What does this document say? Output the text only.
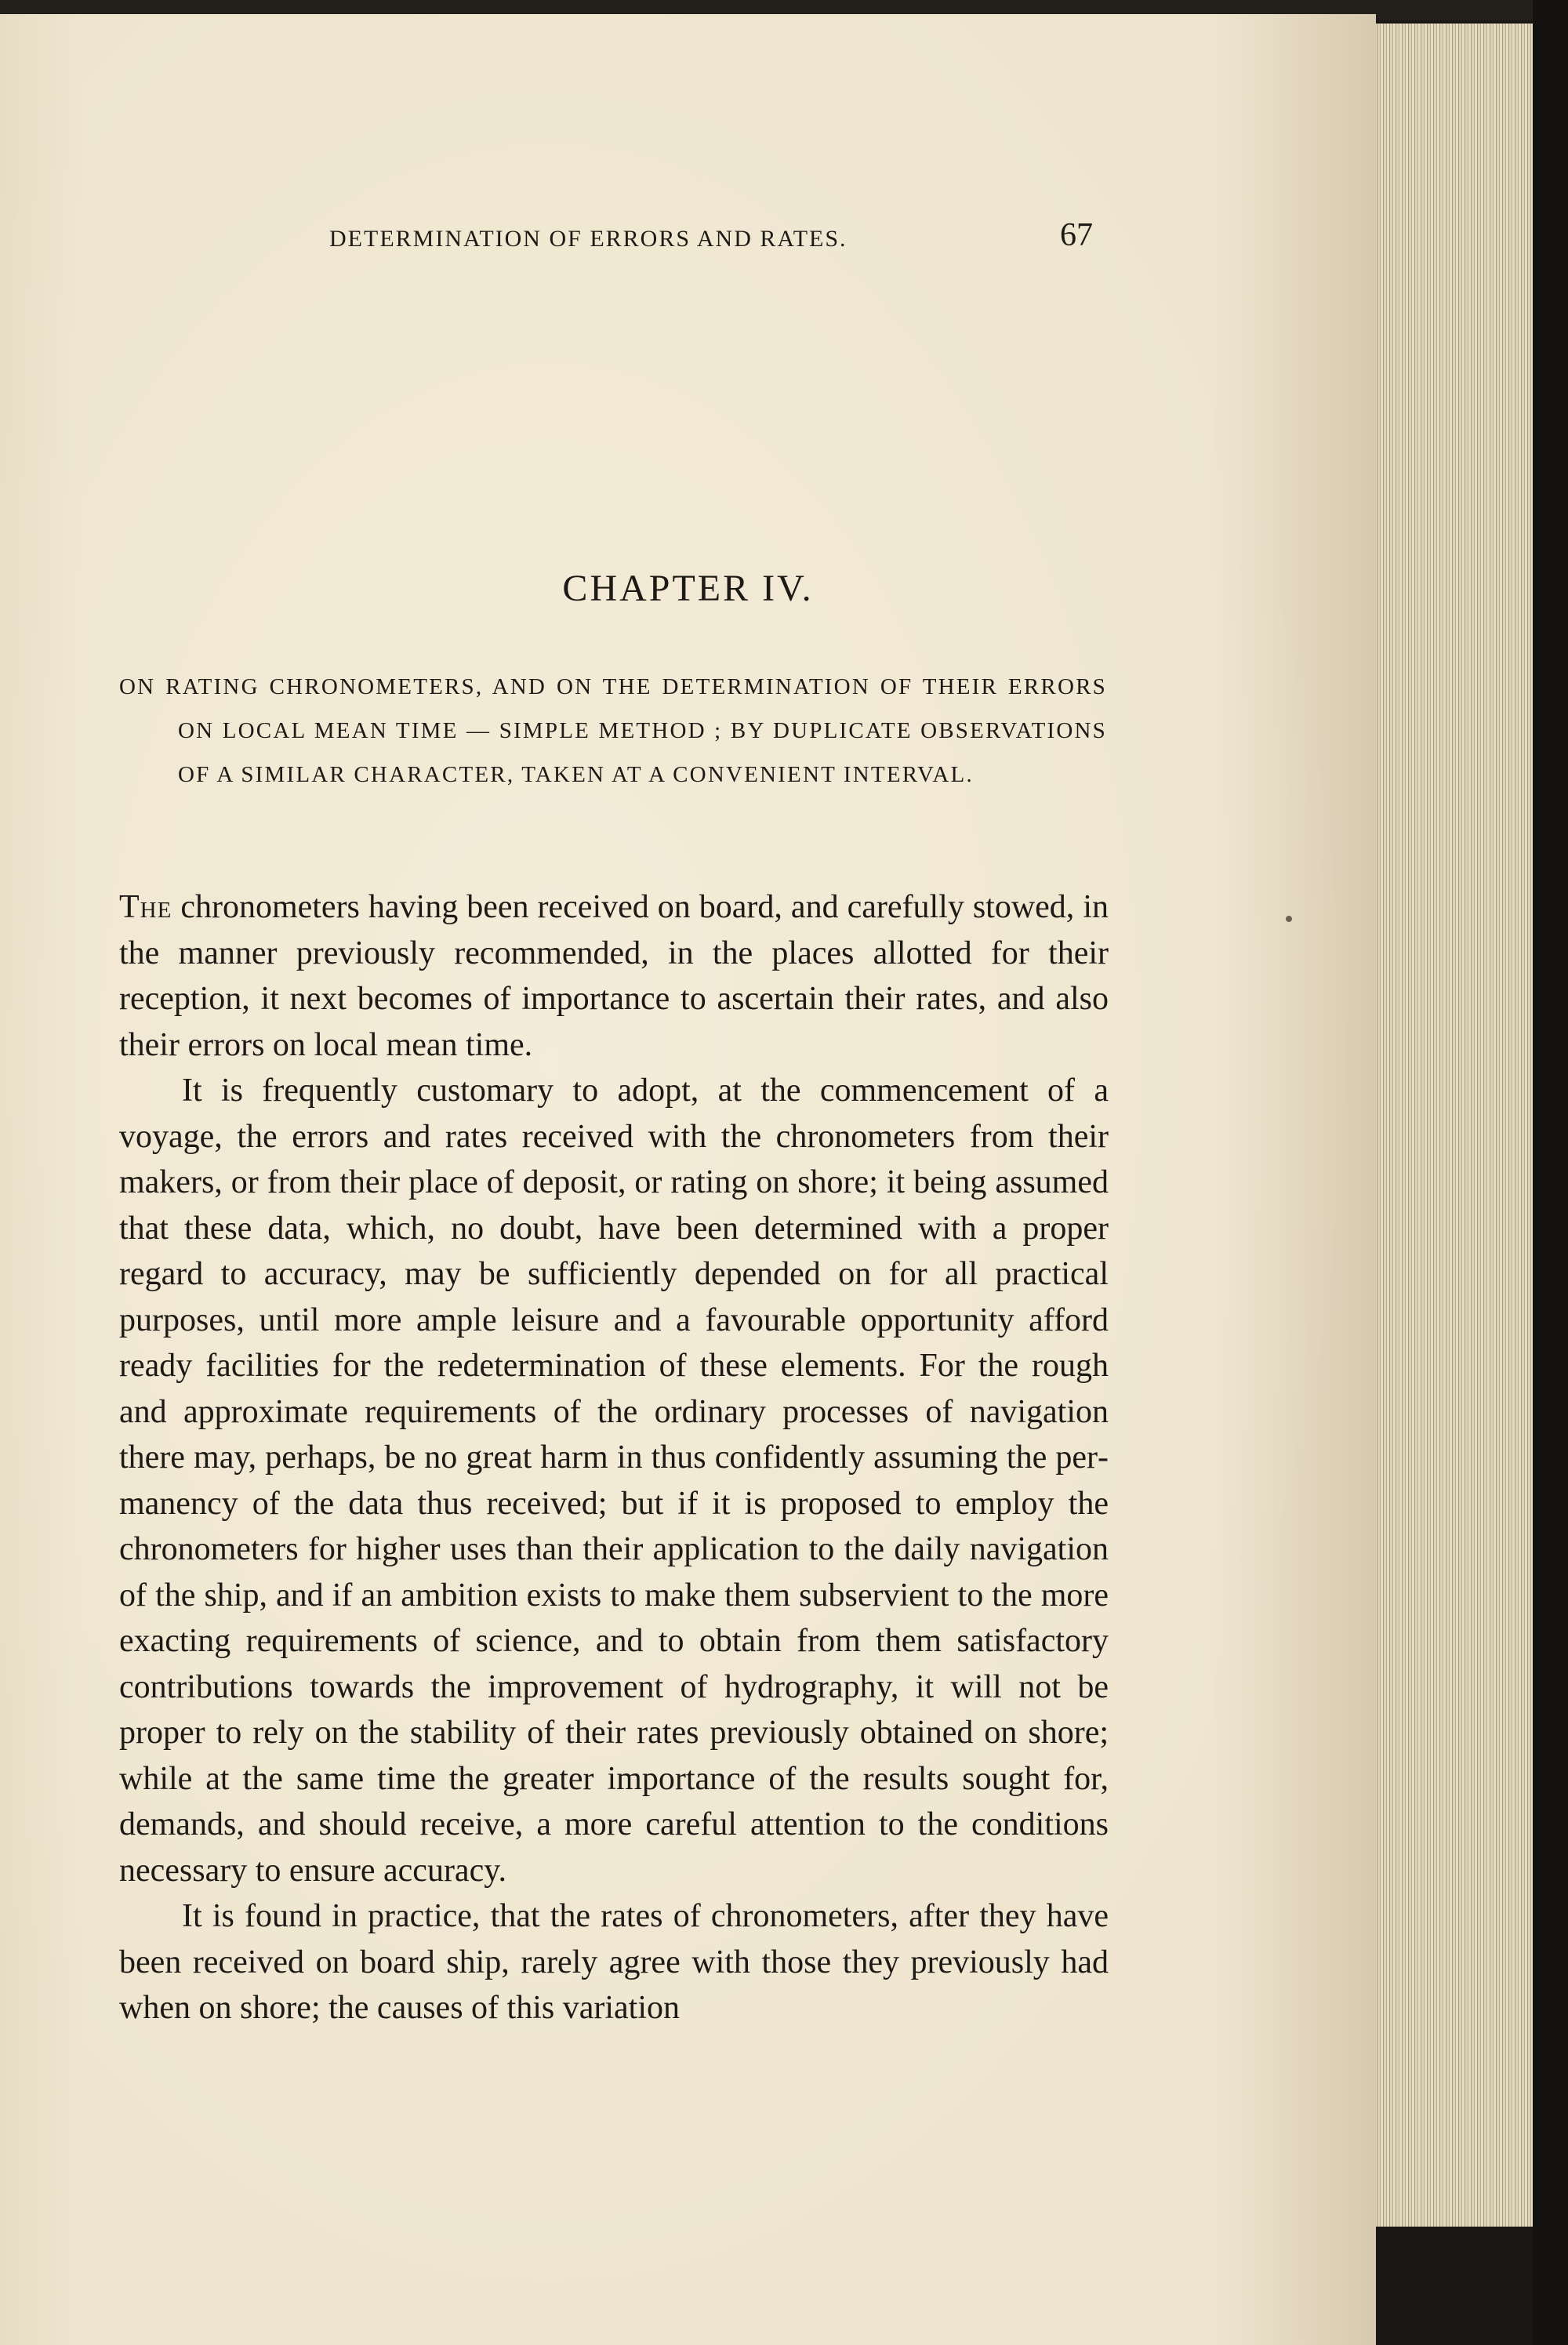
DETERMINATION OF ERRORS AND RATES.	67
CHAPTER IV.
ON RATING CHRONOMETERS, AND ON THE DETERMINATION OF THEIR ERRORS ON LOCAL MEAN TIME — SIMPLE METHOD ; BY DUPLICATE OBSERVATIONS OF A SIMILAR CHARACTER, TAKEN AT A CONVENIENT INTERVAL.

The chronometers having been received on board, and carefully stowed, in the manner previously recommended, in the places allotted for their reception, it next becomes of importance to ascertain their rates, and also their errors on local mean time.

It is frequently customary to adopt, at the commencement of a voyage, the errors and rates received with the chronometers from their makers, or from their place of deposit, or rating on shore; it being assumed that these data, which, no doubt, have been determined with a proper regard to accuracy, may be sufficiently depended on for all practical purposes, until more ample leisure and a favourable opportunity afford ready facilities for the redetermination of these elements. For the rough and approximate requirements of the ordinary processes of navigation there may, perhaps, be no great harm in thus confidently assuming the permanency of the data thus received; but if it is proposed to employ the chronometers for higher uses than their application to the daily navigation of the ship, and if an ambition exists to make them subservient to the more exacting requirements of science, and to obtain from them satisfactory contributions towards the improvement of hydrography, it will not be proper to rely on the stability of their rates previously obtained on shore; while at the same time the greater importance of the results sought for, demands, and should receive, a more careful attention to the conditions necessary to ensure accuracy.

It is found in practice, that the rates of chronometers, after they have been received on board ship, rarely agree with those they previously had when on shore; the causes of this variation
